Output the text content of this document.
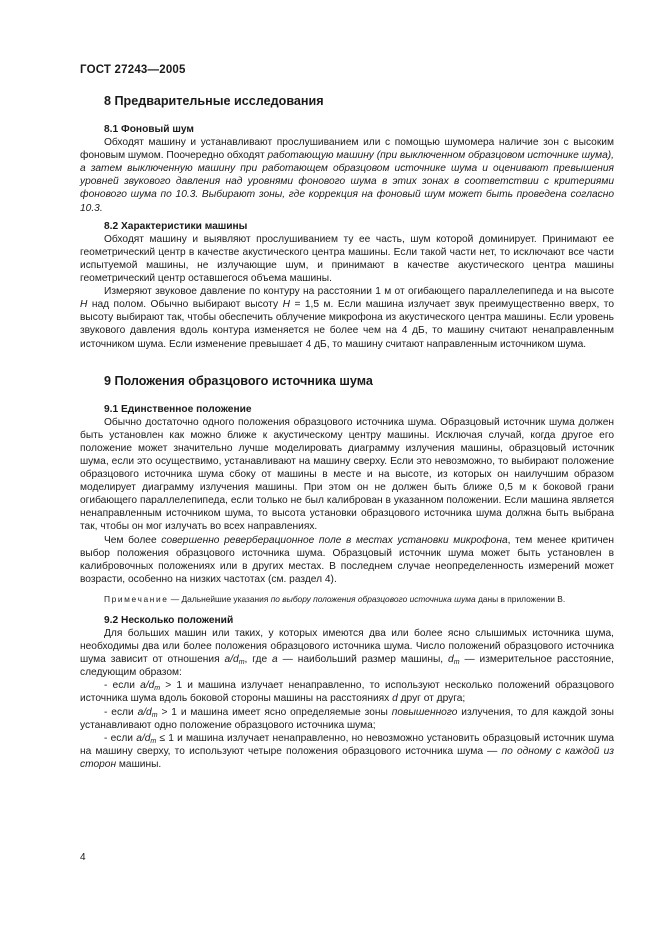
ГОСТ 27243—2005
8 Предварительные исследования
8.1 Фоновый шум

Обходят машину и устанавливают прослушиванием или с помощью шумомера наличие зон с высоким фоновым шумом. Поочередно обходят работающую машину (при выключенном образцовом источнике шума), а затем выключенную машину при работающем образцовом источнике шума и оценивают превышения уровней звукового давления над уровнями фонового шума в этих зонах в соответствии с критериями фонового шума по 10.3. Выбирают зоны, где коррекция на фоновый шум может быть проведена согласно 10.3.

8.2 Характеристики машины

Обходят машину и выявляют прослушиванием ту ее часть, шум которой доминирует. Принимают ее геометрический центр в качестве акустического центра машины. Если такой части нет, то исключают все части испытуемой машины, не излучающие шум, и принимают в качестве акустического центра машины геометрический центр оставшегося объема машины.

Измеряют звуковое давление по контуру на расстоянии 1 м от огибающего параллелепипеда и на высоте Н над полом. Обычно выбирают высоту Н = 1,5 м. Если машина излучает звук преимущественно вверх, то высоту выбирают так, чтобы обеспечить облучение микрофона из акустического центра машины. Если уровень звукового давления вдоль контура изменяется не более чем на 4 дБ, то машину считают ненаправленным источником шума. Если изменение превышает 4 дБ, то машину считают направленным источником шума.

9 Положения образцового источника шума
9.1 Единственное положение

Обычно достаточно одного положения образцового источника шума. Образцовый источник шума должен быть установлен как можно ближе к акустическому центру машины. Исключая случай, когда другое его положение может значительно лучше моделировать диаграмму излучения машины, образцовый источник шума, если это осуществимо, устанавливают на машину сверху. Если это невозможно, то выбирают положение образцового источника шума сбоку от машины в месте и на высоте, из которых он наилучшим образом моделирует диаграмму излучения машины. При этом он не должен быть ближе 0,5 м к боковой грани огибающего параллелепипеда, если только не был калиброван в указанном положении. Если машина является ненаправленным источником шума, то высота установки образцового источника шума должна быть выбрана так, чтобы он мог излучать во всех направлениях.

Чем более совершенно реверберационное поле в местах установки микрофона, тем менее критичен выбор положения образцового источника шума. Образцовый источник шума может быть установлен в калибровочных положениях или в других местах. В последнем случае неопределенность измерений может возрасти, особенно на низких частотах (см. раздел 4).

Примечание — Дальнейшие указания по выбору положения образцового источника шума даны в приложении В.

9.2 Несколько положений

Для больших машин или таких, у которых имеются два или более ясно слышимых источника шума, необходимы два или более положения образцового источника шума. Число положений образцового источника шума зависит от отношения $a/d_m$, где a — наибольший размер машины, $d_m$ — измерительное расстояние, следующим образом:

- если $a/d_m > 1$ и машина излучает ненаправленно, то используют несколько положений образцового источника шума вдоль боковой стороны машины на расстояниях d друг от друга;

- если $a/d_m > 1$ и машина имеет ясно определяемые зоны повышенного излучения, то для каждой зоны устанавливают одно положение образцового источника шума;

- если $a/d_m \le 1$ и машина излучает ненаправленно, но невозможно установить образцовый источник шума на машину сверху, то используют четыре положения образцового источника шума — по одному с каждой из сторон машины.

4
